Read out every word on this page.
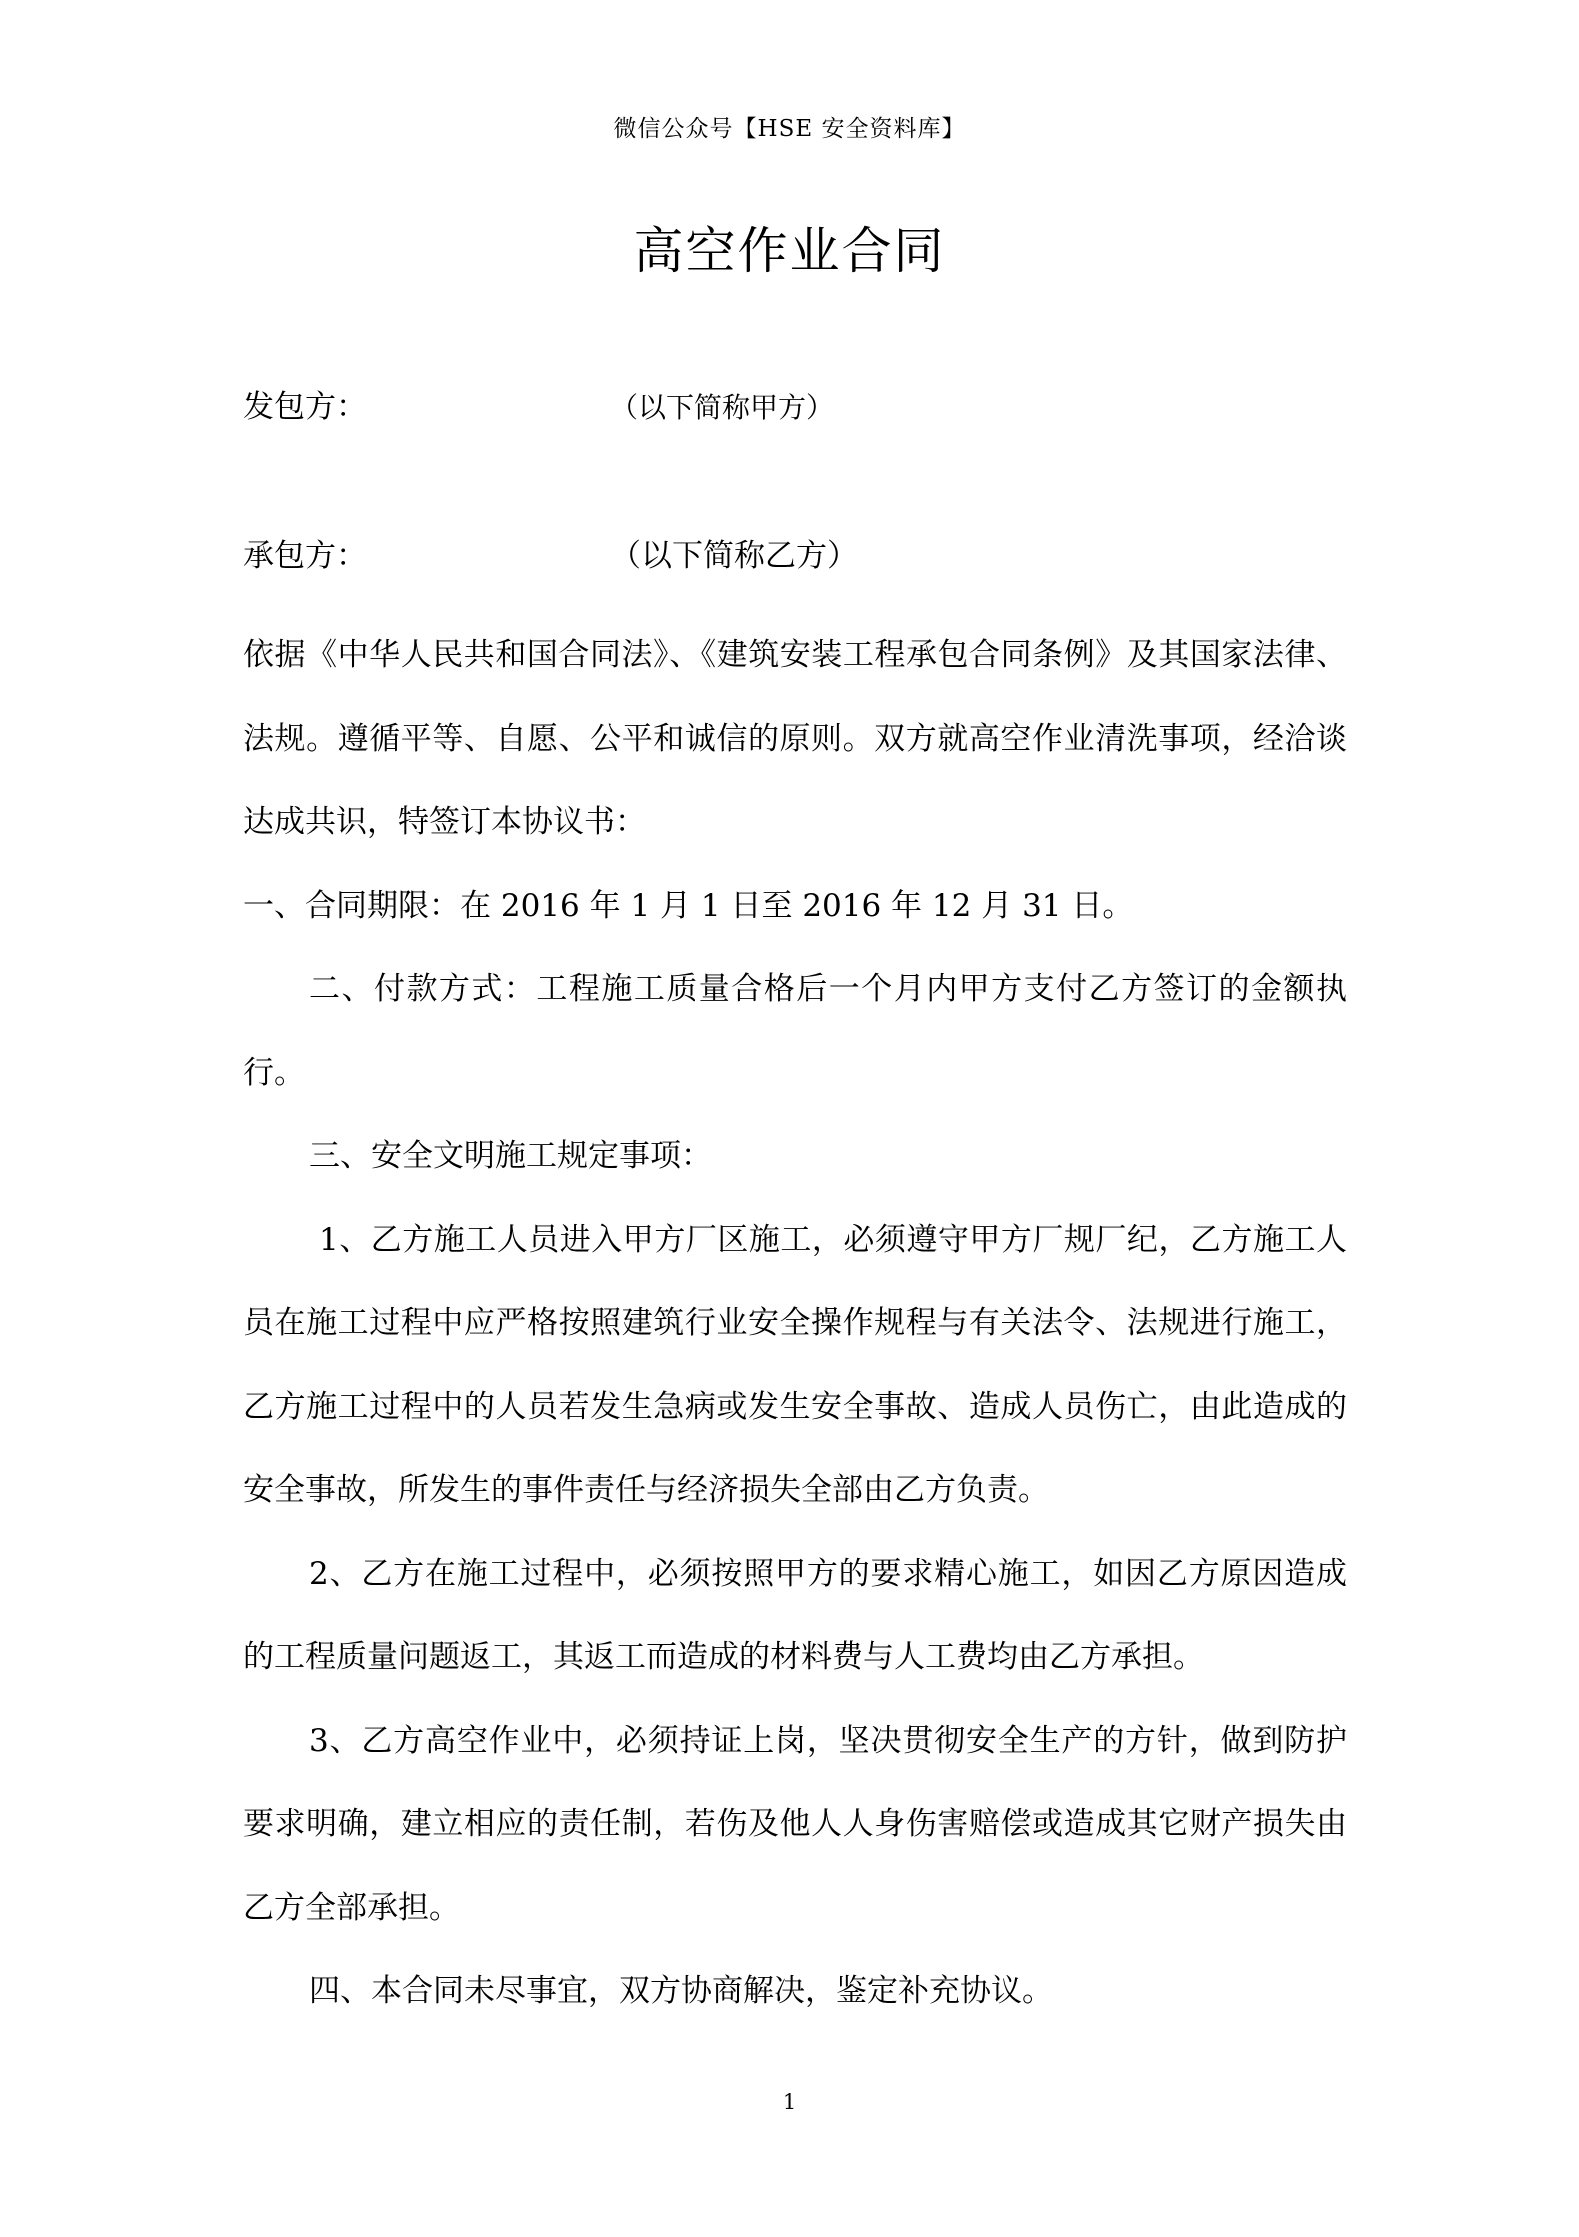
微信公众号【HSE 安全资料库】
高空作业合同
发包方：	（以下简称甲方）
承包方：	（以下简称乙方）

依据《中华人民共和国合同法》、《建筑安装工程承包合同条例》及其国家法律、法规。遵循平等、自愿、公平和诚信的原则。双方就高空作业清洗事项，经洽谈达成共识，特签订本协议书：

一、合同期限：在 2016 年 1 月 1 日至 2016 年 12 月 31 日。

二、付款方式：工程施工质量合格后一个月内甲方支付乙方签订的金额执行。

三、安全文明施工规定事项：

1、乙方施工人员进入甲方厂区施工，必须遵守甲方厂规厂纪，乙方施工人员在施工过程中应严格按照建筑行业安全操作规程与有关法令、法规进行施工，乙方施工过程中的人员若发生急病或发生安全事故、造成人员伤亡，由此造成的安全事故，所发生的事件责任与经济损失全部由乙方负责。

2、乙方在施工过程中，必须按照甲方的要求精心施工，如因乙方原因造成的工程质量问题返工，其返工而造成的材料费与人工费均由乙方承担。

3、乙方高空作业中，必须持证上岗，坚决贯彻安全生产的方针，做到防护要求明确，建立相应的责任制，若伤及他人人身伤害赔偿或造成其它财产损失由乙方全部承担。

四、本合同未尽事宜，双方协商解决，鉴定补充协议。

1
